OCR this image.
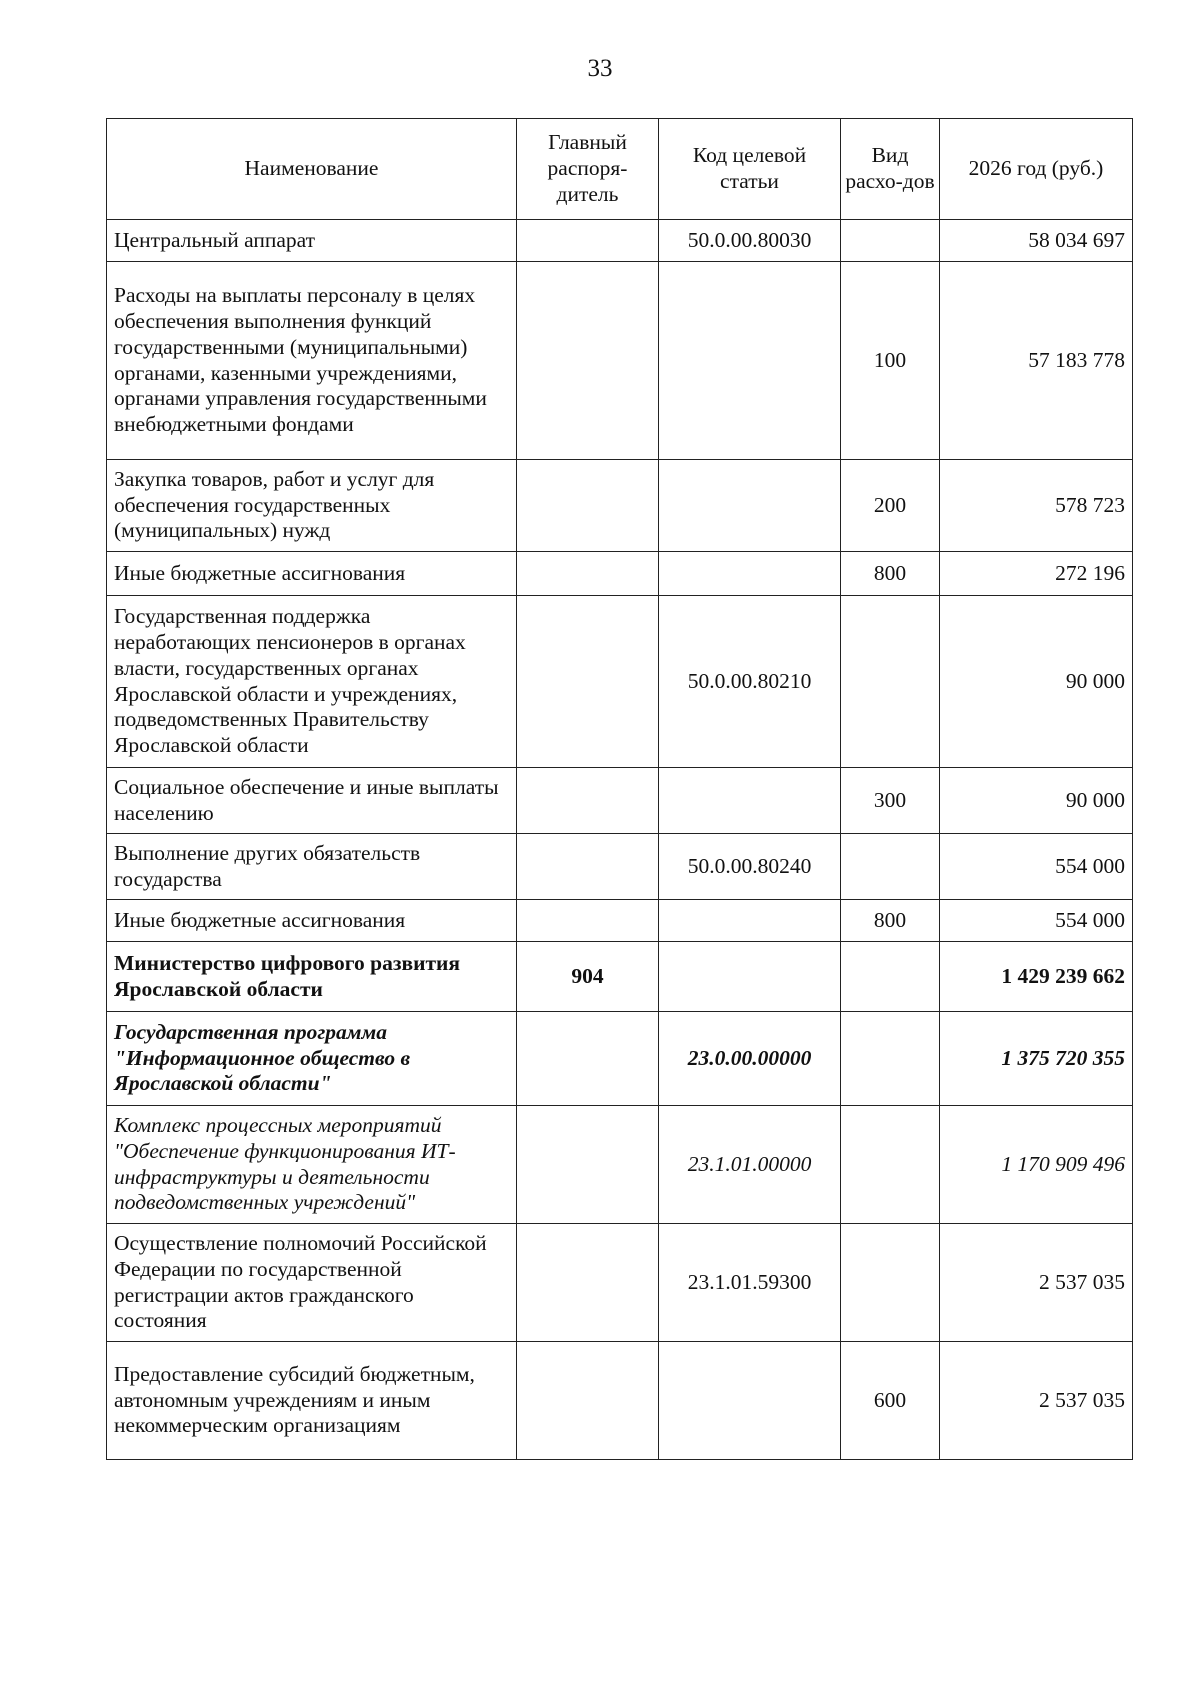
33
Наименование	Главный распоря-дитель	Код целевой статьи	Вид расхо-дов	2026 год (руб.)
Центральный аппарат		50.0.00.80030		58 034 697
Расходы на выплаты персоналу в целях обеспечения выполнения функций государственными (муниципальными) органами, казенными учреждениями, органами управления государственными внебюджетными фондами			100	57 183 778
Закупка товаров, работ и услуг для обеспечения государственных (муниципальных) нужд			200	578 723
Иные бюджетные ассигнования			800	272 196
Государственная поддержка неработающих пенсионеров в органах власти, государственных органах Ярославской области и учреждениях, подведомственных Правительству Ярославской области		50.0.00.80210		90 000
Социальное обеспечение и иные выплаты населению			300	90 000
Выполнение других обязательств государства		50.0.00.80240		554 000
Иные бюджетные ассигнования			800	554 000
Министерство цифрового развития Ярославской области	904			1 429 239 662
Государственная программа "Информационное общество в Ярославской области"		23.0.00.00000		1 375 720 355
Комплекс процессных мероприятий "Обеспечение функционирования ИТ-инфраструктуры и деятельности подведомственных учреждений"		23.1.01.00000		1 170 909 496
Осуществление полномочий Российской Федерации по государственной регистрации актов гражданского состояния		23.1.01.59300		2 537 035
Предоставление субсидий бюджетным, автономным учреждениям и иным некоммерческим организациям			600	2 537 035
